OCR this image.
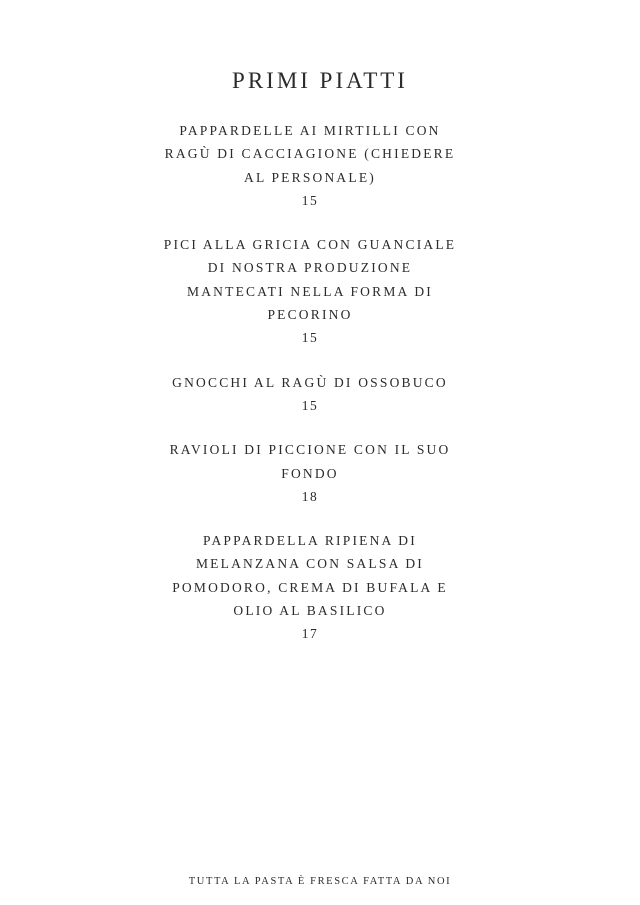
PRIMI PIATTI
PAPPARDELLE AI MIRTILLI CON
RAGÙ DI CACCIAGIONE (CHIEDERE
AL PERSONALE)
15
PICI ALLA GRICIA CON GUANCIALE
DI NOSTRA PRODUZIONE
MANTECATI NELLA FORMA DI
PECORINO
15
GNOCCHI AL RAGÙ DI OSSOBUCO
15
RAVIOLI DI PICCIONE CON IL SUO
FONDO
18
PAPPARDELLA RIPIENA DI
MELANZANA CON SALSA DI
POMODORO, CREMA DI BUFALA E
OLIO AL BASILICO
17

TUTTA LA PASTA È FRESCA FATTA DA NOI
